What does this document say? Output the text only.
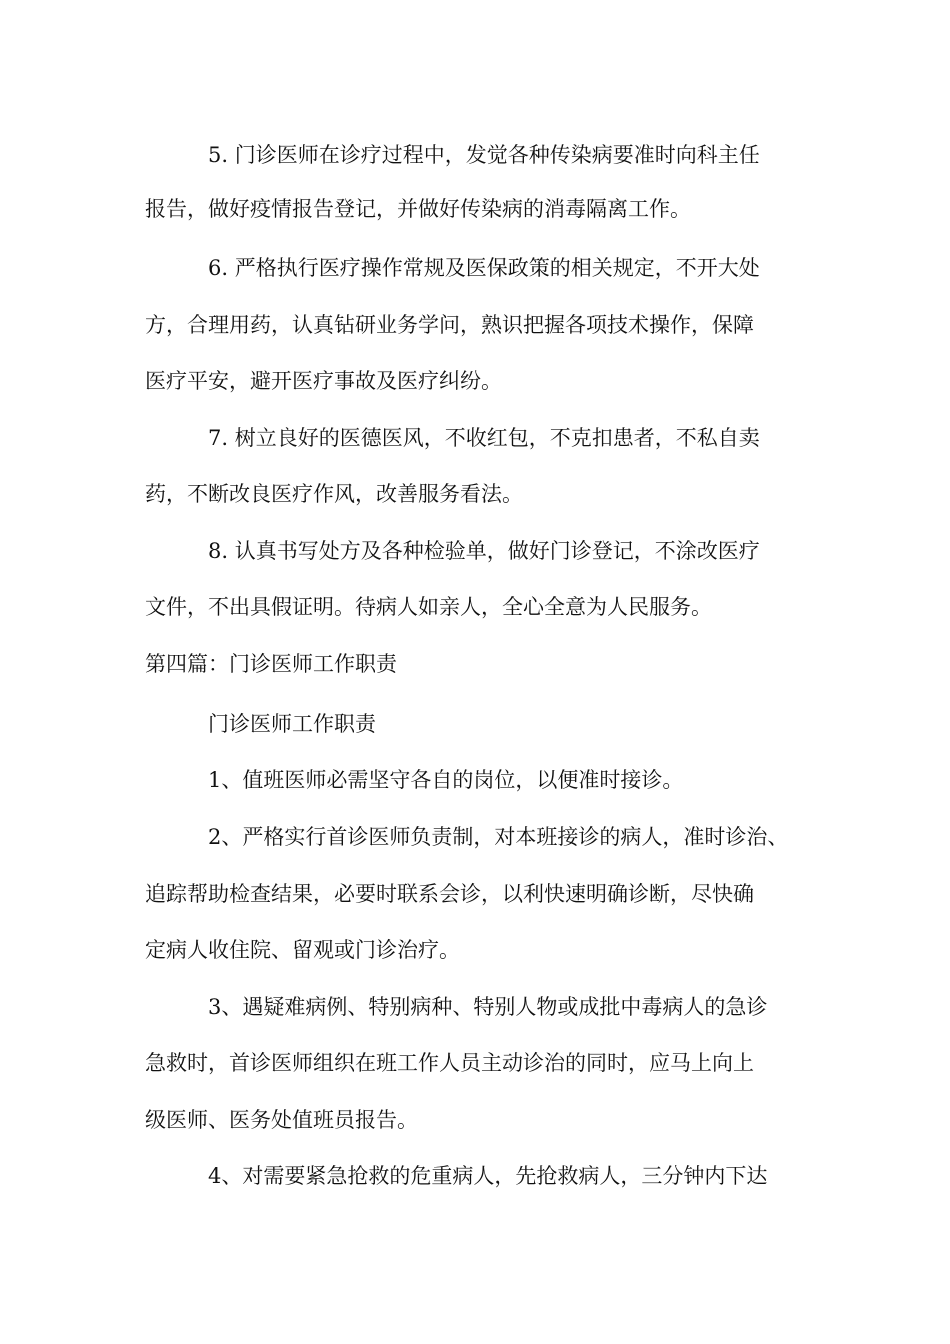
5. 门诊医师在诊疗过程中，发觉各种传染病要准时向科主任
报告，做好疫情报告登记，并做好传染病的消毒隔离工作。
6. 严格执行医疗操作常规及医保政策的相关规定，不开大处
方，合理用药，认真钻研业务学问，熟识把握各项技术操作，保障
医疗平安，避开医疗事故及医疗纠纷。
7. 树立良好的医德医风，不收红包，不克扣患者，不私自卖
药，不断改良医疗作风，改善服务看法。
8. 认真书写处方及各种检验单，做好门诊登记，不涂改医疗
文件，不出具假证明。待病人如亲人，全心全意为人民服务。
第四篇：门诊医师工作职责
门诊医师工作职责
1、值班医师必需坚守各自的岗位，以便准时接诊。
2、严格实行首诊医师负责制，对本班接诊的病人，准时诊治、
追踪帮助检查结果，必要时联系会诊，以利快速明确诊断，尽快确
定病人收住院、留观或门诊治疗。
3、遇疑难病例、特别病种、特别人物或成批中毒病人的急诊
急救时，首诊医师组织在班工作人员主动诊治的同时，应马上向上
级医师、医务处值班员报告。
4、对需要紧急抢救的危重病人，先抢救病人，三分钟内下达
